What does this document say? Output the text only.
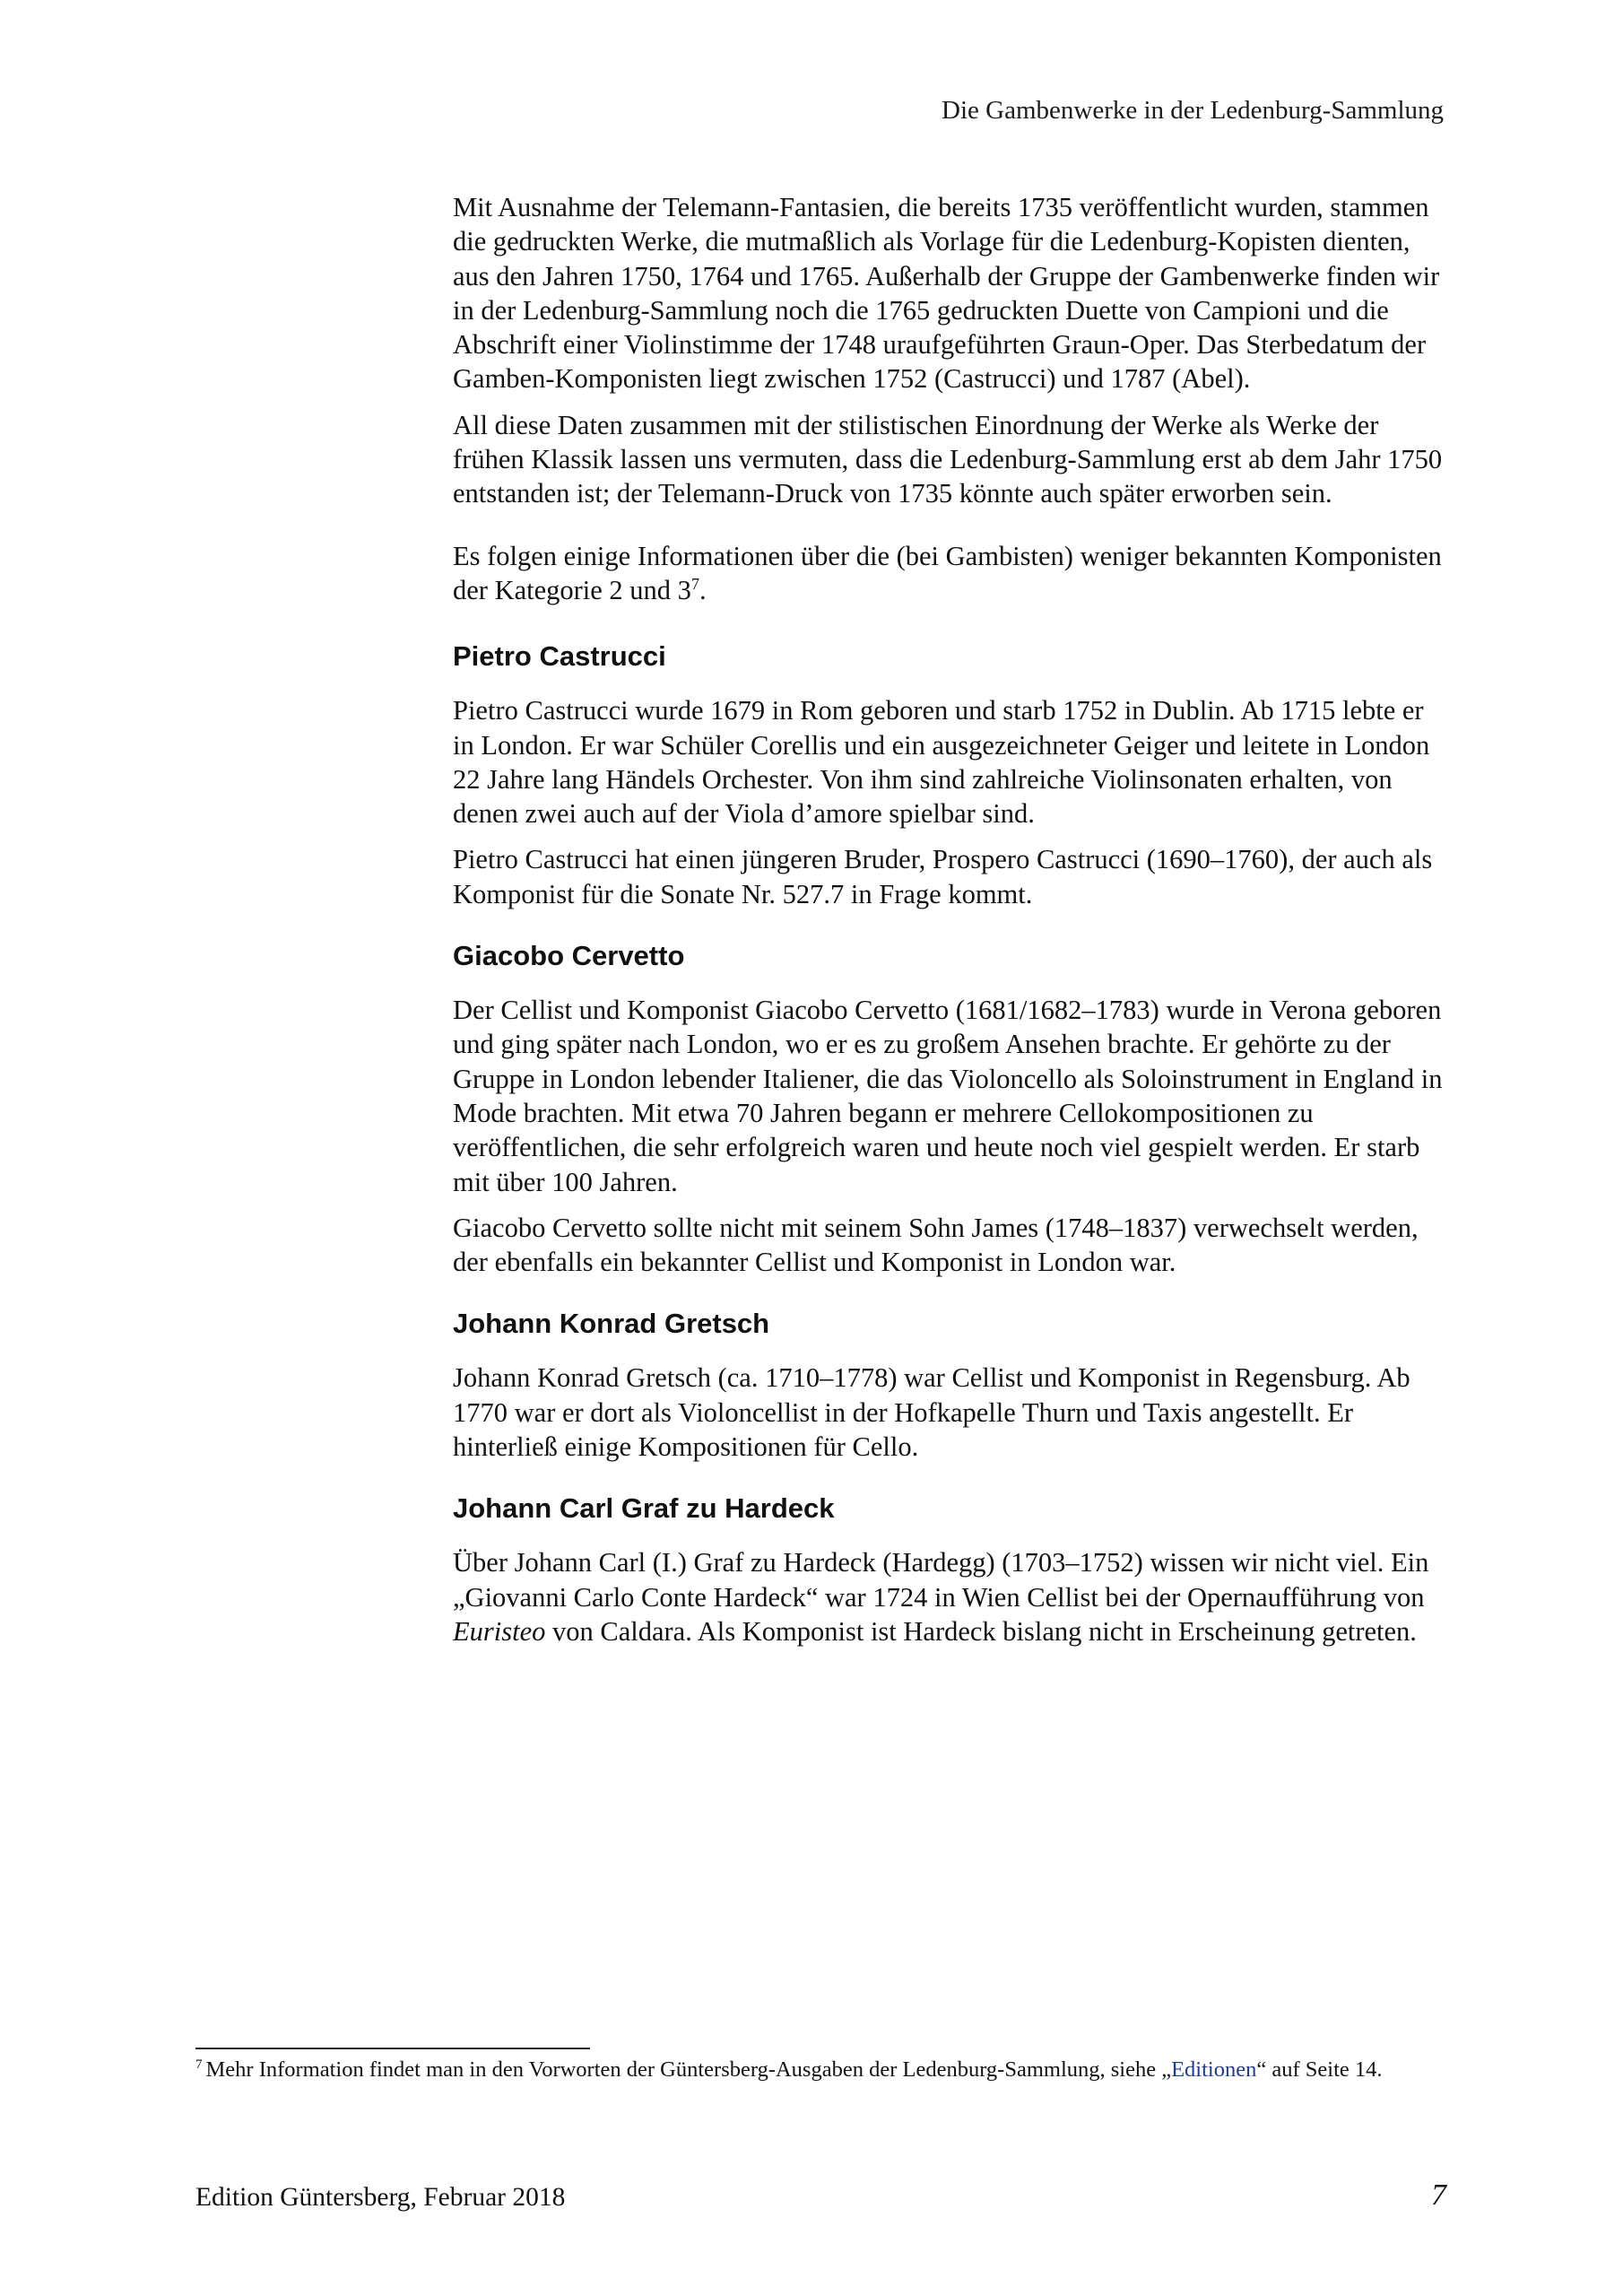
Die Gambenwerke in der Ledenburg-Sammlung

Mit Ausnahme der Telemann-Fantasien, die bereits 1735 veröffentlicht wurden, stammen die gedruckten Werke, die mutmaßlich als Vorlage für die Ledenburg-Kopisten dienten, aus den Jahren 1750, 1764 und 1765. Außerhalb der Gruppe der Gambenwerke finden wir in der Ledenburg-Sammlung noch die 1765 gedruckten Duette von Campioni und die Abschrift einer Violinstimme der 1748 uraufgeführten Graun-Oper. Das Sterbedatum der Gamben-Komponisten liegt zwischen 1752 (Castrucci) und 1787 (Abel).

All diese Daten zusammen mit der stilistischen Einordnung der Werke als Werke der frühen Klassik lassen uns vermuten, dass die Ledenburg-Sammlung erst ab dem Jahr 1750 entstanden ist; der Telemann-Druck von 1735 könnte auch später erworben sein.

Es folgen einige Informationen über die (bei Gambisten) weniger bekannten Komponisten der Kategorie 2 und 3$^7$.

Pietro Castrucci

Pietro Castrucci wurde 1679 in Rom geboren und starb 1752 in Dublin. Ab 1715 lebte er in London. Er war Schüler Corellis und ein ausgezeichneter Geiger und leitete in London 22 Jahre lang Händels Orchester. Von ihm sind zahlreiche Violinsonaten erhalten, von denen zwei auch auf der Viola d’amore spielbar sind.

Pietro Castrucci hat einen jüngeren Bruder, Prospero Castrucci (1690–1760), der auch als Komponist für die Sonate Nr. 527.7 in Frage kommt.

Giacobo Cervetto

Der Cellist und Komponist Giacobo Cervetto (1681/1682–1783) wurde in Verona geboren und ging später nach London, wo er es zu großem Ansehen brachte. Er gehörte zu der Gruppe in London lebender Italiener, die das Violoncello als Soloinstrument in England in Mode brachten. Mit etwa 70 Jahren begann er mehrere Cellokompositionen zu veröffentlichen, die sehr erfolgreich waren und heute noch viel gespielt werden. Er starb mit über 100 Jahren.

Giacobo Cervetto sollte nicht mit seinem Sohn James (1748–1837) verwechselt werden, der ebenfalls ein bekannter Cellist und Komponist in London war.

Johann Konrad Gretsch

Johann Konrad Gretsch (ca. 1710–1778) war Cellist und Komponist in Regensburg. Ab 1770 war er dort als Violoncellist in der Hofkapelle Thurn und Taxis angestellt. Er hinterließ einige Kompositionen für Cello.

Johann Carl Graf zu Hardeck

Über Johann Carl (I.) Graf zu Hardeck (Hardegg) (1703–1752) wissen wir nicht viel. Ein „Giovanni Carlo Conte Hardeck“ war 1724 in Wien Cellist bei der Opernaufführung von Euristeo von Caldara. Als Komponist ist Hardeck bislang nicht in Erscheinung getreten.

$^7$ Mehr Information findet man in den Vorworten der Güntersberg-Ausgaben der Ledenburg-Sammlung, siehe „Editionen“ auf Seite 14.
Edition Güntersberg, Februar 2018	7
